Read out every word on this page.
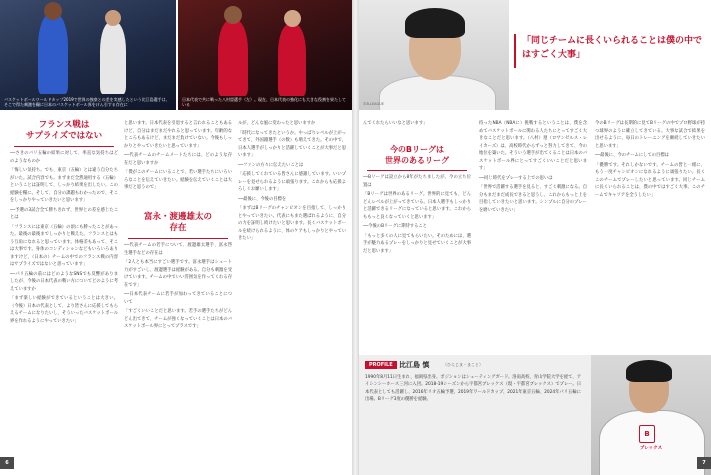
バスケットボールワールドカップ2019で世界の強豪との差を実感したという比江島選手は、そこで得た刺激を糧に日本のバスケットボール界をけん引する存在に
日本代表で共に戦った八村塁選手（左）。現在、日本代表の強化にも大きな役割を果たしている
フランス戦は
サプライズではない

──さきのパリ五輪の結果に対して、率直な気持ちはどのようなものか

「悔しい気持ち。でも、東京（五輪）とは違う自分たちがいた。試合内容でも。まずまだ全然通用する（五輪）ということは証明して、しっかり結果を出したい。この経験を糧に。そして、自分の課題もわかったので、そこをしっかりやっていきたいと思います」

──予選の3試合全て勝ちきれず、世界との差を感じたことは

「フランスには東京（五輪）の頃にも勝ったことがあった。最後の最後までしっかりと戦えた。フランスとはもう互角になれると思っています。体格差もあって、そこは大事です。身体のコンディションなどもいろいろありますけど、（日本の）チームの中でのフランス戦の内容はサプライズではないと思っています」

──パリ五輪の前にはどのようなSNSでも反響がありましたが、今後の日本代表の戦い方についてどのように考えていますか

「まず楽しい経験ができているということは大きい。（今後）日本の代表として、より皆さんに応援してもらえるチームになりたいし、そういったバスケットボール界を作れるようにやっていきたい」

と思います。日本代表を引退すると言われることもあるけど、自分はまだまだやれると思っています。年齢的なところもあるけど、まだまだ負けていない。今後もしっかりとやっていきたいと思っています」

──代表チームのチームメートたちには、どのような存在だと思いますか

「僕がこのチームにいることで、若い選手たちにいろいろなことを伝えていきたい。経験を伝えていくことは大事だと思うので」

富永・渡邊雄太の
存在

──代表チームの若手について、渡邊雄太選手、富永啓生選手などの存在は

「2人とも本当にすごい選手です。富永選手はシュート力がすごいし、渡邊選手は経験がある。自分も刺激を受けています。チームの中でいい雰囲気を作ってくれる存在です」

──日本代表チームに若手が加わってきていることについて

「すごくいいことだと思います。若手の選手たちがどんどん出てきて、チームが強くなっていくことは日本のバスケットボール界にとってプラスです」

ルが、どんな風に変わったと思いますか

「時代になってきたというか。やっぱりレベルが上がってきて、外国籍選手（の数）も増えてきた。その中で、日本人選手がしっかりと活躍していくことが大事だと思います」

──ファンの方々に伝えたいことは

「応援してくれている皆さんに感謝しています。いいプレーを見せられるように頑張ります。これからも応援よろしくお願いします」

──最後に、今後の目標を

「まずはBリーグのチャンピオンを目指して、しっかりとやっていきたい。代表にもまた選ばれるように、自分の力を証明し続けたいと思います。長くバスケットボールを続けられるように、体のケアもしっかりとやっていきたい」

6
©B.LEAGUE
「同じチームに長くいられることは僕の中ではすごく大事」

んでくれたらいいなと思います」

今のBリーグは
世界のあるリーグ

──Bリーグは設立から8年がたちましたが、今の立ち位置は

「Bリーグは世界のあるリーグ。世界的に見ても、どんどんレベルが上がってきている。日本人選手もしっかりと活躍できるリーグになっていると思います。これからももっと良くなっていくと思います」

──今後のBリーグに期待すること

「もっと多くの人に見てもらいたい。そのためには、選手が魅力あるプレーをしっかりと見せていくことが大事だと思います」

持ったNBA（NBAに）挑戦するということは、僕を含めてバスケットボールに関わる人たちにとってすごく大きなことだと思います。（八村）塁（ロサンゼルス・レイカーズ）は、高校時代からずっと努力してきて、今の地位を築いた。そういう選手が出てくることは日本のバスケットボール界にとってすごくいいことだと思います」

──同じ時代をプレーする上での思いは

「世界で活躍する選手を見ると、すごく刺激になる。自分もまだまだ成長できると思うし、これからもっと上を目指していきたいと思います。シンプルに自分のプレーを磨いていきたい」

今のBリーグは長期的に見てBリーグの中でプロ野球が持つ球界のように確立してきている。大事な試合で結果を出せるように、毎日のトレーニングを継続していきたいと思います」

──最後に、今のチームにしての目標は

「優勝です。それしかないです。チームの皆と一緒に、もう一度チャンピオンになれるように頑張りたい。長くこのチームでプレーしたいと思っています。同じチームに長くいられることは、僕の中ではすごく大事。このチームでキャリアを全うしたい」

PROFILE 比江島 慎	（ひえじま・まこと）
1990年8月11日生まれ、福岡県出身。ポジションはシューティングガード。洛南高校、青山学院大学を経て、アイシンシーホース三河に入団。2018-19シーズンから宇都宮ブレックス（現・宇都宮ブレックス）でプレー。日本代表としても活躍し、2016年リオ五輪予選、2019年ワールドカップ、2021年東京五輪、2024年パリ五輪に出場。Bリーグ3度の優勝を経験。
B
ブレックス
7
